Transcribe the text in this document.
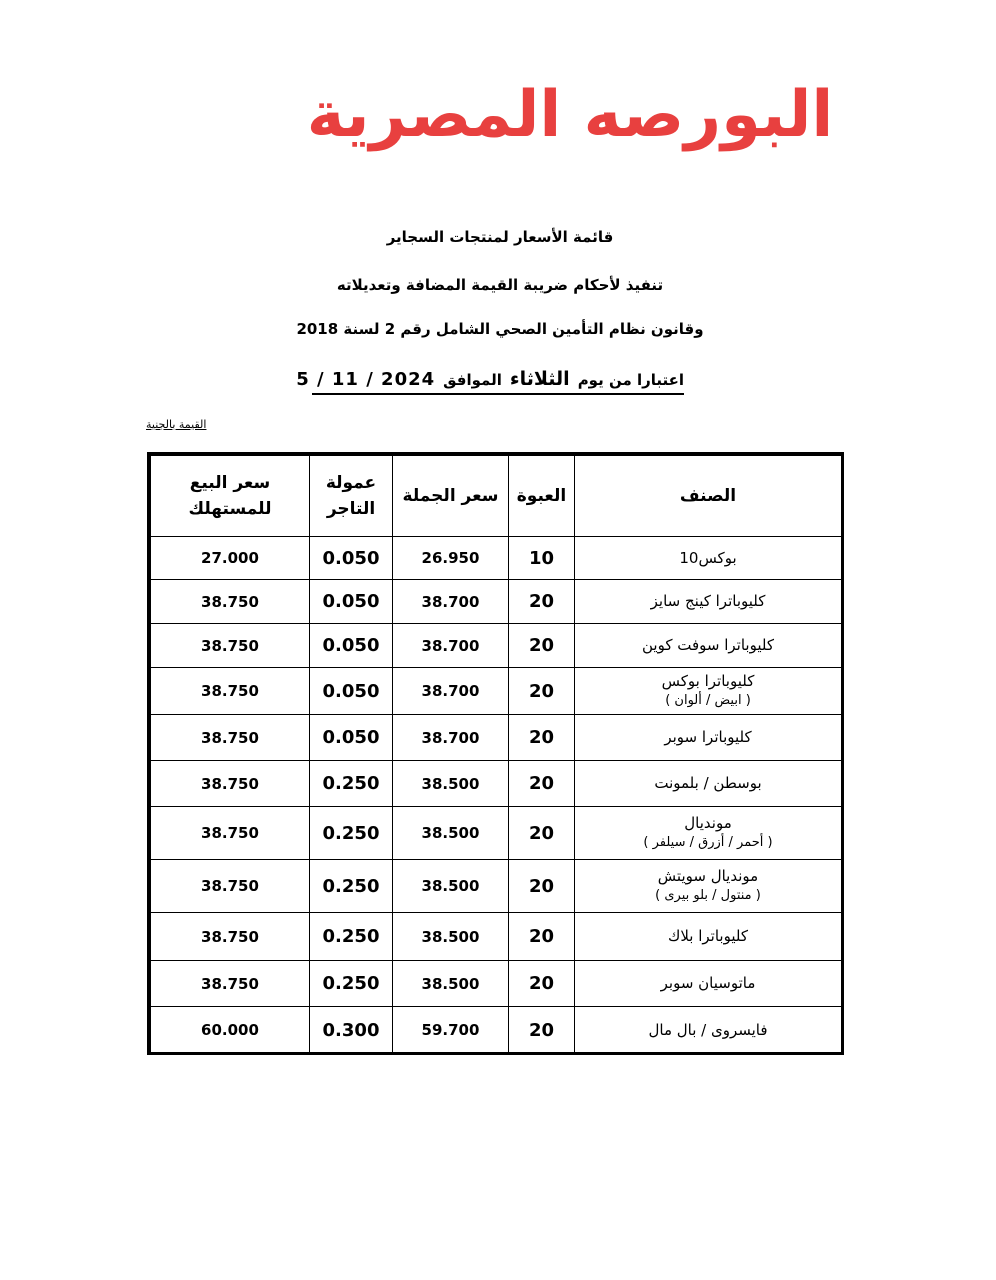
البورصه المصرية
قائمة الأسعار لمنتجات السجاير
تنفيذ لأحكام ضريبة القيمة المضافة وتعديلاته
وقانون نظام التأمين الصحي الشامل رقم 2 لسنة 2018
اعتبارا من يوم
الثلاثاء
الموافق
5 / 11 / 2024
القيمة بالجنية
الصنف	العبوة	سعر الجملة	عمولة التاجر	سعر البيع للمستهلك
بوكس10	10	26.950	0.050	27.000
كليوباترا كينج سايز	20	38.700	0.050	38.750
كليوباترا سوفت كوين	20	38.700	0.050	38.750
كليوباترا بوكس
( ابيض / ألوان )	20	38.700	0.050	38.750
كليوباترا سوبر	20	38.700	0.050	38.750
بوسطن / بلمونت	20	38.500	0.250	38.750
مونديال
( أحمر / أزرق / سيلفر )	20	38.500	0.250	38.750
مونديال سويتش
( منتول / بلو بيرى )	20	38.500	0.250	38.750
كليوباترا بلاك	20	38.500	0.250	38.750
ماتوسيان سوبر	20	38.500	0.250	38.750
فايسروى / بال مال	20	59.700	0.300	60.000
